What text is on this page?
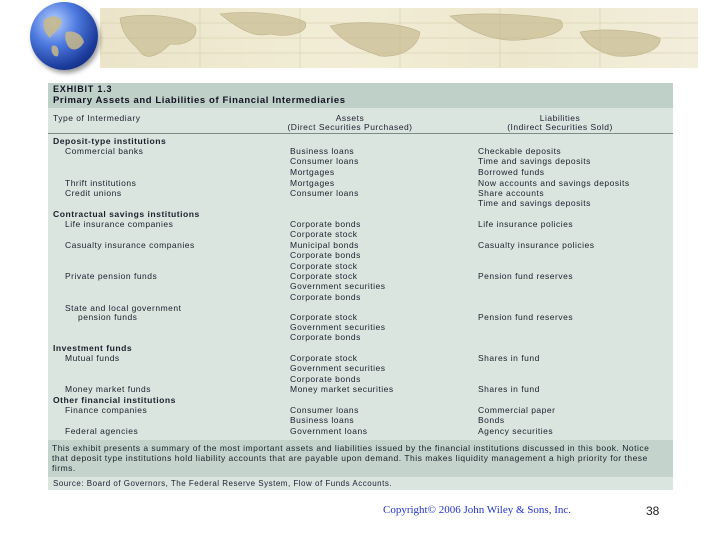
EXHIBIT 1.3
Primary Assets and Liabilities of Financial Intermediaries
Type of Intermediary	Assets
(Direct Securities Purchased)
Liabilities
(Indirect Securities Sold)
Deposit-type institutions
Commercial banks
Thrift institutions
Credit unions
Contractual savings institutions
Life insurance companies
Casualty insurance companies
Private pension funds
State and local government
pension funds
Investment funds
Mutual funds
Money market funds
Other financial institutions
Finance companies
Federal agencies
Business loans
Consumer loans
Mortgages
Mortgages
Consumer loans
Corporate bonds
Corporate stock
Municipal bonds
Corporate bonds
Corporate stock
Corporate stock
Government securities
Corporate bonds
Corporate stock
Government securities
Corporate bonds
Corporate stock
Government securities
Corporate bonds
Money market securities
Consumer loans
Business loans
Government loans
Checkable deposits
Time and savings deposits
Borrowed funds
Now accounts and savings deposits
Share accounts
Time and savings deposits
Life insurance policies
Casualty insurance policies
Pension fund reserves
Pension fund reserves
Shares in fund
Shares in fund
Commercial paper
Bonds
Agency securities
This exhibit presents a summary of the most important assets and liabilities issued by the financial institutions discussed in this book. Notice that deposit type institutions hold liability accounts that are payable upon demand. This makes liquidity management a high priority for these firms.
Source: Board of Governors, The Federal Reserve System, Flow of Funds Accounts.
Copyright© 2006 John Wiley & Sons, Inc.	38
